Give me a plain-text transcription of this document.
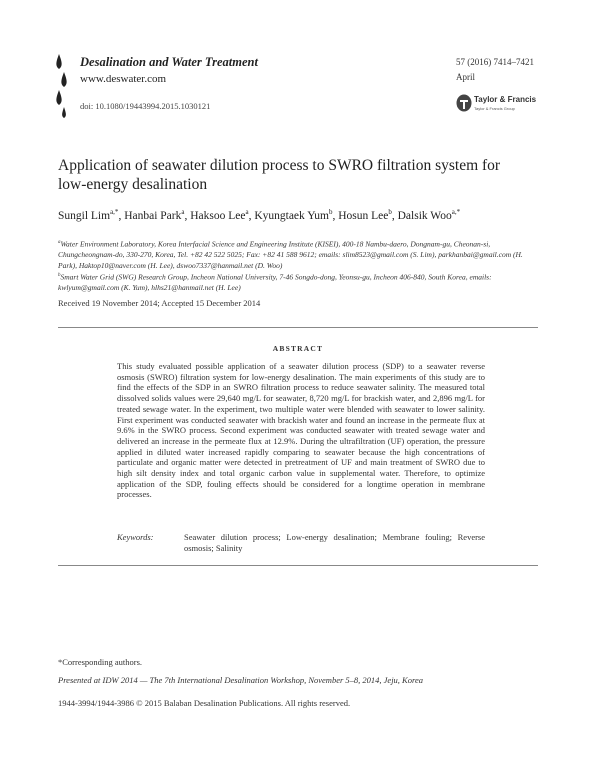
Desalination and Water Treatment
www.deswater.com
doi: 10.1080/19443994.2015.1030121
57 (2016) 7414–7421
April
Taylor & Francis
Taylor & Francis Group
Application of seawater dilution process to SWRO filtration system for low-energy desalination
Sungil Lim$^{a,*}$, Hanbai Park$^a$, Haksoo Lee$^a$, Kyungtaek Yum$^b$, Hosun Lee$^b$, Dalsik Woo$^{a,*}$
$^a$Water Environment Laboratory, Korea Interfacial Science and Engineering Institute (KISEI), 400-18 Nambu-daero, Dongnam-gu, Cheonan-si, Chungcheongnam-do, 330-270, Korea, Tel. +82 42 522 5025; Fax: +82 41 588 9612; emails: slim8523@gmail.com (S. Lim), parkhanbai@gmail.com (H. Park), Haktop10@naver.com (H. Lee), dswoo7337@hanmail.net (D. Woo)
$^b$Smart Water Grid (SWG) Research Group, Incheon National University, 7-46 Songdo-dong, Yeonsu-gu, Incheon 406-840, South Korea, emails: kwlyum@gmail.com (K. Yum), hlhs21@hanmail.net (H. Lee)
Received 19 November 2014; Accepted 15 December 2014
ABSTRACT
This study evaluated possible application of a seawater dilution process (SDP) to a seawater reverse osmosis (SWRO) filtration system for low-energy desalination. The main experiments of this study are to find the effects of the SDP in an SWRO filtration process to reduce seawater salinity. The measured total dissolved solids values were 29,640 mg/L for seawater, 8,720 mg/L for brackish water, and 2,896 mg/L for treated sewage water. In the experiment, two multiple water were blended with seawater to lower salinity. First experiment was conducted seawater with brackish water and found an increase in the permeate flux at 9.6% in the SWRO process. Second experiment was conducted seawater with treated sewage water and delivered an increase in the permeate flux at 12.9%. During the ultrafiltration (UF) operation, the pressure applied in diluted water increased rapidly comparing to seawater because the high concentrations of particulate and organic matter were detected in pretreatment of UF and main treatment of SWRO due to high silt density index and total organic carbon value in supplemental water. Therefore, to optimize application of the SDP, fouling effects should be considered for a longtime operation in membrane processes.
Keywords:	Seawater dilution process; Low-energy desalination; Membrane fouling; Reverse osmosis; Salinity
*Corresponding authors.
Presented at IDW 2014 — The 7th International Desalination Workshop, November 5–8, 2014, Jeju, Korea
1944-3994/1944-3986 © 2015 Balaban Desalination Publications. All rights reserved.
